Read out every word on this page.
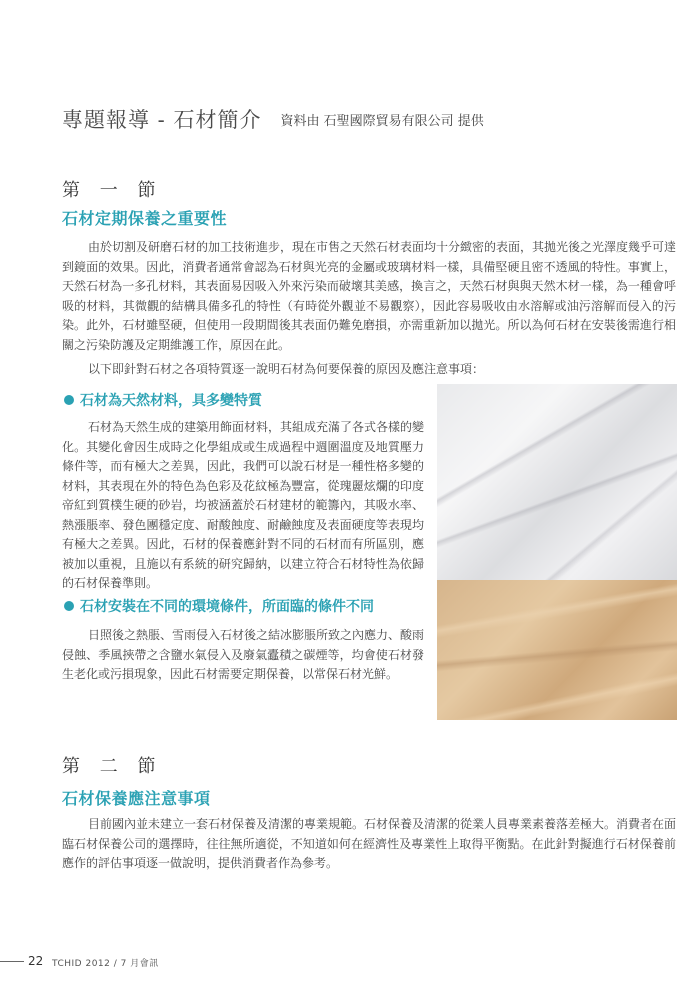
專題報導 - 石材簡介 資料由 石聖國際貿易有限公司 提供
第 一 節
石材定期保養之重要性

由於切割及研磨石材的加工技術進步，現在市售之天然石材表面均十分緻密的表面，其拋光後之光澤度幾乎可達到鏡面的效果。因此，消費者通常會認為石材與光亮的金屬或玻璃材料一樣，具備堅硬且密不透風的特性。事實上，天然石材為一多孔材料，其表面易因吸入外來污染而破壞其美感，換言之，天然石材與與天然木材一樣，為一種會呼吸的材料，其微觀的結構具備多孔的特性（有時從外觀並不易觀察），因此容易吸收由水溶解或油污溶解而侵入的污染。此外，石材雖堅硬，但使用一段期間後其表面仍難免磨損，亦需重新加以拋光。所以為何石材在安裝後需進行相關之污染防護及定期維護工作，原因在此。

以下即針對石材之各項特質逐一說明石材為何要保養的原因及應注意事項：

石材為天然材料，具多變特質

石材為天然生成的建築用飾面材料，其組成充滿了各式各樣的變化。其變化會因生成時之化學組成或生成過程中週圍溫度及地質壓力條件等，而有極大之差異，因此，我們可以說石材是一種性格多變的材料，其表現在外的特色為色彩及花紋極為豐富，從瑰麗炫爛的印度帝紅到質樸生硬的砂岩，均被涵蓋於石材建材的範籌內，其吸水率、熱漲脹率、發色團穩定度、耐酸蝕度、耐鹼蝕度及表面硬度等表現均有極大之差異。因此，石材的保養應針對不同的石材而有所區別，應被加以重視，且施以有系統的研究歸納，以建立符合石材特性為依歸的石材保養準則。

石材安裝在不同的環境條件，所面臨的條件不同

日照後之熱脹、雪雨侵入石材後之結冰膨脹所致之內應力、酸雨侵蝕、季風挾帶之含鹽水氣侵入及廢氣蠹積之碳煙等，均會使石材發生老化或污損現象，因此石材需要定期保養，以常保石材光鮮。

第 二 節
石材保養應注意事項

目前國內並未建立一套石材保養及清潔的專業規範。石材保養及清潔的從業人員專業素養落差極大。消費者在面臨石材保養公司的選擇時，往往無所適從，不知道如何在經濟性及專業性上取得平衡點。在此針對擬進行石材保養前應作的評估事項逐一做說明，提供消費者作為參考。

22 TCHID 2012 / 7 月會訊
